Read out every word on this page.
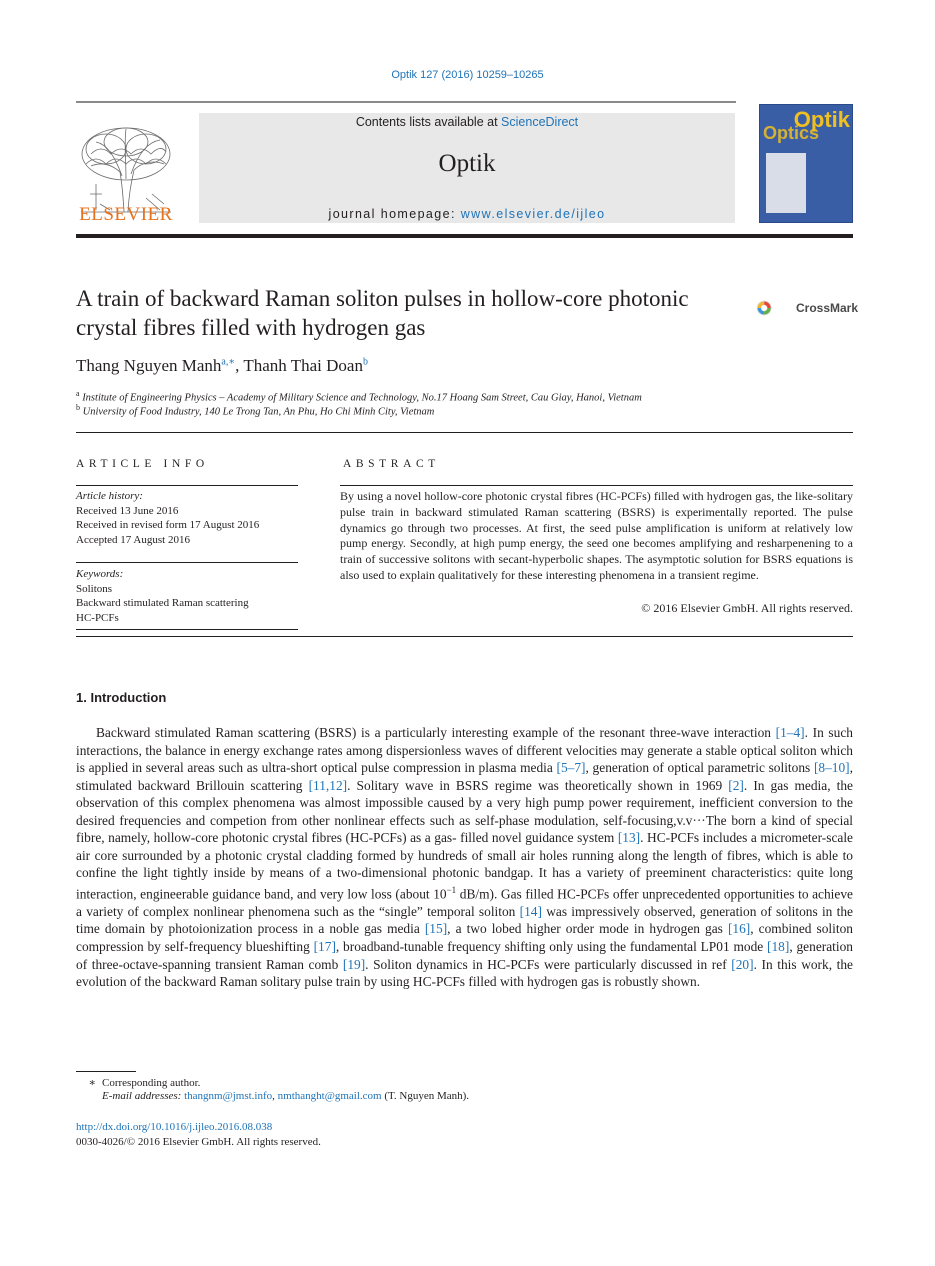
Optik 127 (2016) 10259–10265
ELSEVIER
Contents lists available at ScienceDirect
Optik
journal homepage: www.elsevier.de/ijleo
Optics
Optik
A train of backward Raman soliton pulses in hollow-core photonic crystal fibres filled with hydrogen gas
CrossMark
Thang Nguyen Manh$^{a,∗}$, Thanh Thai Doan$^b$
$^a$ Institute of Engineering Physics – Academy of Military Science and Technology, No.17 Hoang Sam Street, Cau Giay, Hanoi, Vietnam
$^b$ University of Food Industry, 140 Le Trong Tan, An Phu, Ho Chi Minh City, Vietnam
ARTICLE INFO
Article history:
Received 13 June 2016
Received in revised form 17 August 2016
Accepted 17 August 2016
Keywords:
Solitons
Backward stimulated Raman scattering
HC-PCFs
ABSTRACT
By using a novel hollow-core photonic crystal fibres (HC-PCFs) filled with hydrogen gas, the like-solitary pulse train in backward stimulated Raman scattering (BSRS) is experimentally reported. The pulse dynamics go through two processes. At first, the seed pulse amplification is uniform at relatively low pump energy. Secondly, at high pump energy, the seed one becomes amplifying and resharpenening to a train of successive solitons with secant-hyperbolic shapes. The asymptotic solution for BSRS equations is also used to explain qualitatively for these interesting phenomena in a transient regime.
© 2016 Elsevier GmbH. All rights reserved.
1. Introduction
Backward stimulated Raman scattering (BSRS) is a particularly interesting example of the resonant three-wave interaction [1–4]. In such interactions, the balance in energy exchange rates among dispersionless waves of different velocities may generate a stable optical soliton which is applied in several areas such as ultra-short optical pulse compression in plasma media [5–7], generation of optical parametric solitons [8–10], stimulated backward Brillouin scattering [11,12]. Solitary wave in BSRS regime was theoretically shown in 1969 [2]. In gas media, the observation of this complex phenomena was almost impossible caused by a very high pump power requirement, inefficient conversion to the desired frequencies and competion from other nonlinear effects such as self-phase modulation, self-focusing,v.v···The born a kind of special fibre, namely, hollow-core photonic crystal fibres (HC-PCFs) as a gas- filled novel guidance system [13]. HC-PCFs includes a micrometer-scale air core surrounded by a photonic crystal cladding formed by hundreds of small air holes running along the length of fibres, which is able to confine the light tightly inside by means of a two-dimensional photonic bandgap. It has a variety of preeminent characteristics: quite long interaction, engineerable guidance band, and very low loss (about $10^{-1}$ dB/m). Gas filled HC-PCFs offer unprecedented opportunities to achieve a variety of complex nonlinear phenomena such as the “single” temporal soliton [14] was impressively observed, generation of solitons in the time domain by photoionization process in a noble gas media [15], a two lobed higher order mode in hydrogen gas [16], combined soliton compression by self-frequency blueshifting [17], broadband-tunable frequency shifting only using the fundamental LP01 mode [18], generation of three-octave-spanning transient Raman comb [19]. Soliton dynamics in HC-PCFs were particularly discussed in ref [20]. In this work, the evolution of the backward Raman solitary pulse train by using HC-PCFs filled with hydrogen gas is robustly shown.
∗ Corresponding author.
E-mail addresses: thangnm@jmst.info, nmthanght@gmail.com (T. Nguyen Manh).
http://dx.doi.org/10.1016/j.ijleo.2016.08.038
0030-4026/© 2016 Elsevier GmbH. All rights reserved.
